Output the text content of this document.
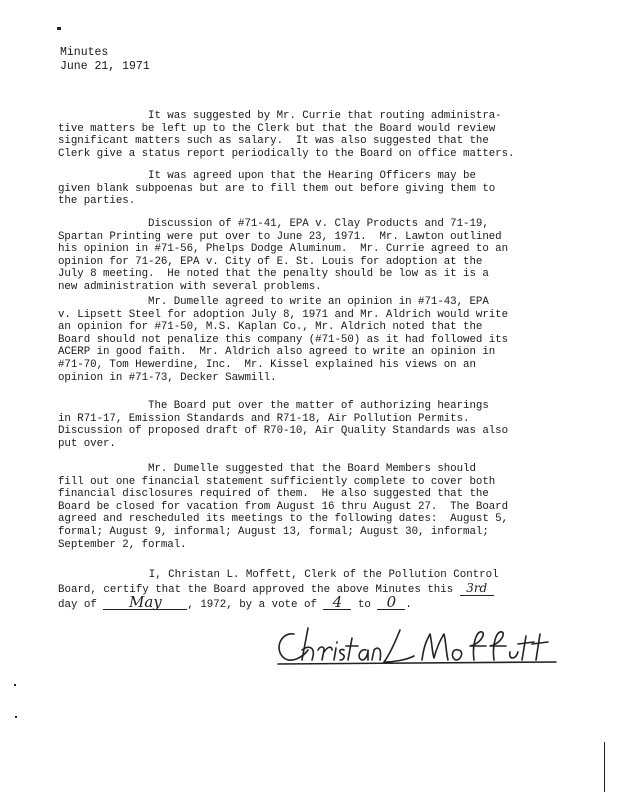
Minutes
June 21, 1971

It was suggested by Mr. Currie that routing administra-
tive matters be left up to the Clerk but that the Board would review
significant matters such as salary.  It was also suggested that the
Clerk give a status report periodically to the Board on office matters.

It was agreed upon that the Hearing Officers may be
given blank subpoenas but are to fill them out before giving them to
the parties.

Discussion of #71-41, EPA v. Clay Products and 71-19,
Spartan Printing were put over to June 23, 1971.  Mr. Lawton outlined
his opinion in #71-56, Phelps Dodge Aluminum.  Mr. Currie agreed to an
opinion for 71-26, EPA v. City of E. St. Louis for adoption at the
July 8 meeting.  He noted that the penalty should be low as it is a
new administration with several problems.

Mr. Dumelle agreed to write an opinion in #71-43, EPA
v. Lipsett Steel for adoption July 8, 1971 and Mr. Aldrich would write
an opinion for #71-50, M.S. Kaplan Co., Mr. Aldrich noted that the
Board should not penalize this company (#71-50) as it had followed its
ACERP in good faith.  Mr. Aldrich also agreed to write an opinion in
#71-70, Tom Hewerdine, Inc.  Mr. Kissel explained his views on an
opinion in #71-73, Decker Sawmill.

The Board put over the matter of authorizing hearings
in R71-17, Emission Standards and R71-18, Air Pollution Permits.
Discussion of proposed draft of R70-10, Air Quality Standards was also
put over.

Mr. Dumelle suggested that the Board Members should
fill out one financial statement sufficiently complete to cover both
financial disclosures required of them.  He also suggested that the
Board be closed for vacation from August 16 thru August 27.  The Board
agreed and rescheduled its meetings to the following dates:  August 5,
formal; August 9, informal; August 13, formal; August 30, informal;
September 2, formal.

I, Christan L. Moffett, Clerk of the Pollution Control
Board, certify that the Board approved the above Minutes this 3rd
day of May , 1972, by a vote of 4 to 0 .
